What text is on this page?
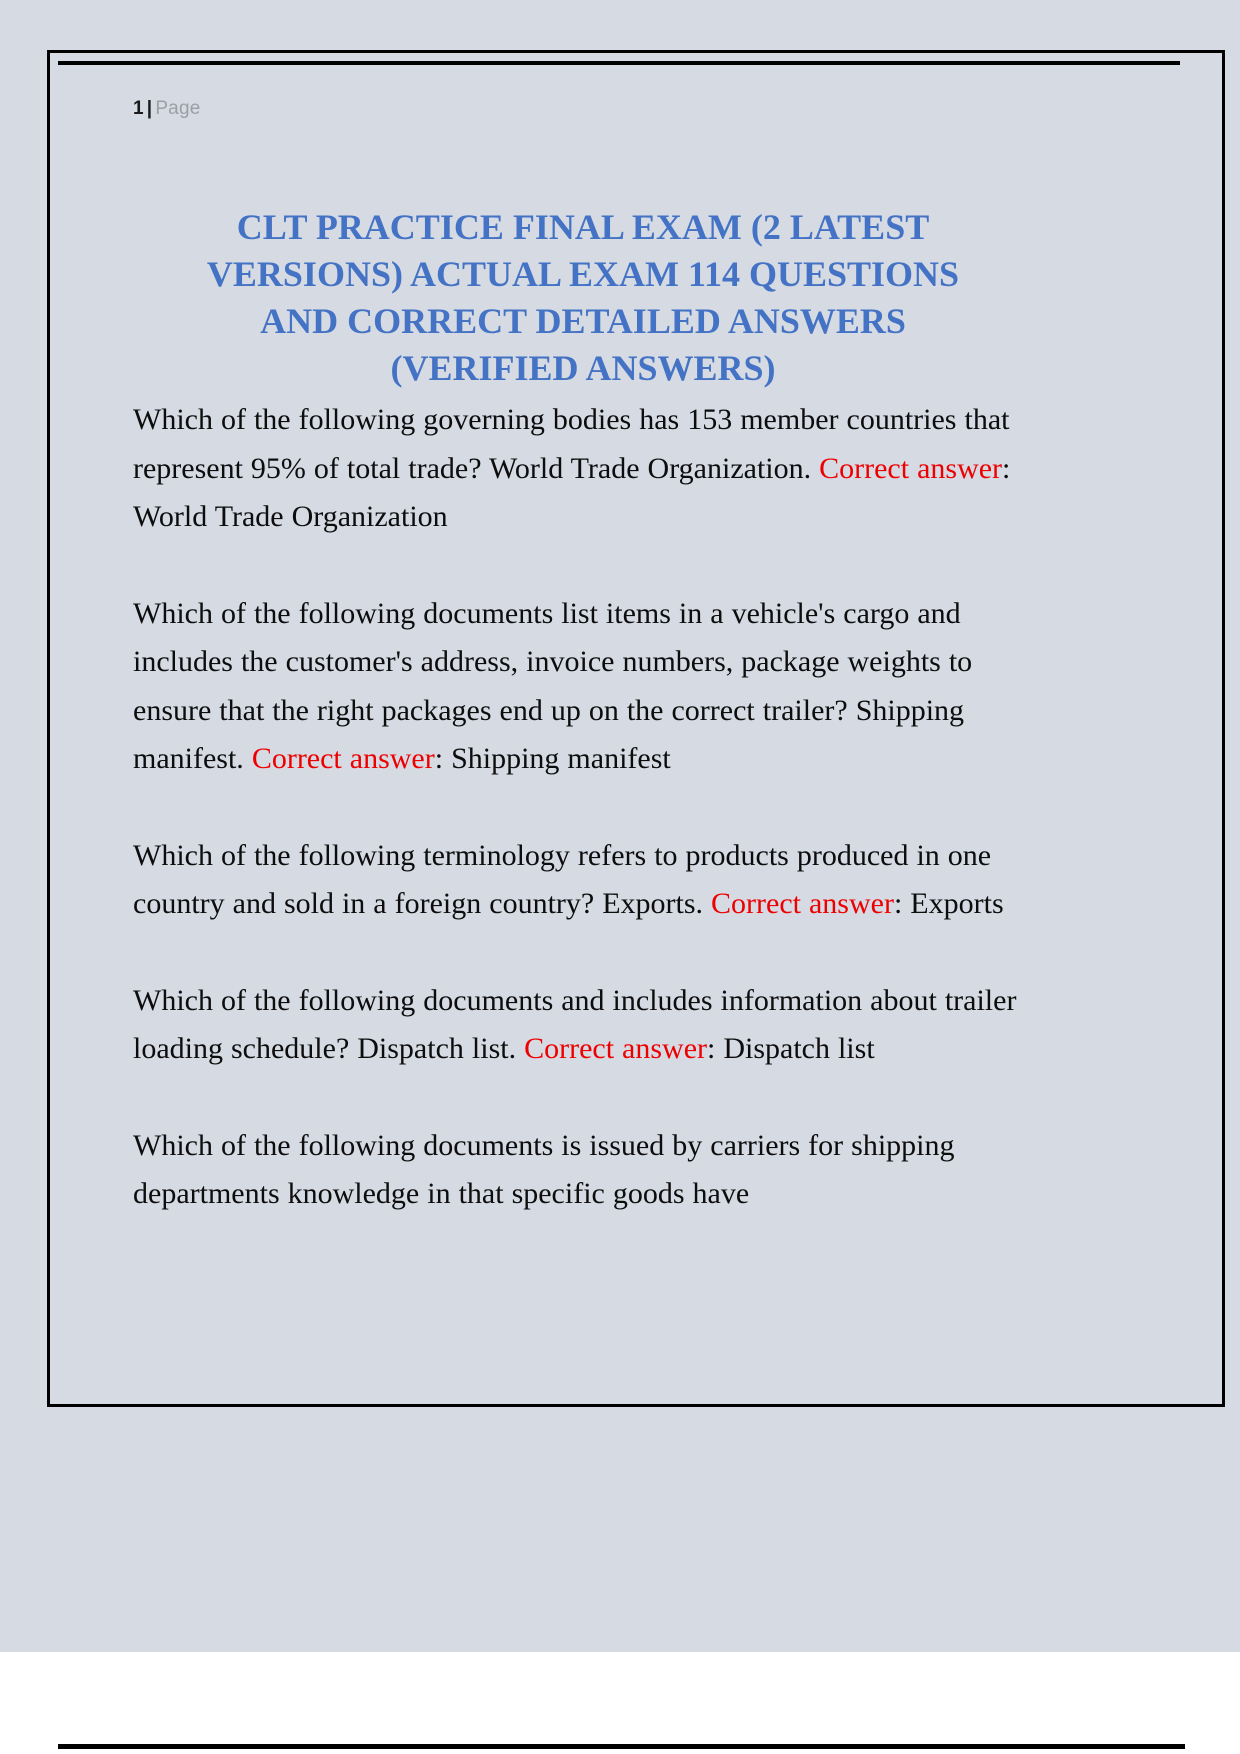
1 | Page
CLT PRACTICE FINAL EXAM (2 LATEST
VERSIONS) ACTUAL EXAM 114 QUESTIONS
AND CORRECT DETAILED ANSWERS
(VERIFIED ANSWERS)

Which of the following governing bodies has 153 member countries that represent 95% of total trade? World Trade Organization. Correct answer: World Trade Organization

Which of the following documents list items in a vehicle's cargo and includes the customer's address, invoice numbers, package weights to ensure that the right packages end up on the correct trailer? Shipping manifest. Correct answer: Shipping manifest

Which of the following terminology refers to products produced in one country and sold in a foreign country? Exports. Correct answer: Exports

Which of the following documents and includes information about trailer loading schedule? Dispatch list. Correct answer: Dispatch list

Which of the following documents is issued by carriers for shipping departments knowledge in that specific goods have
